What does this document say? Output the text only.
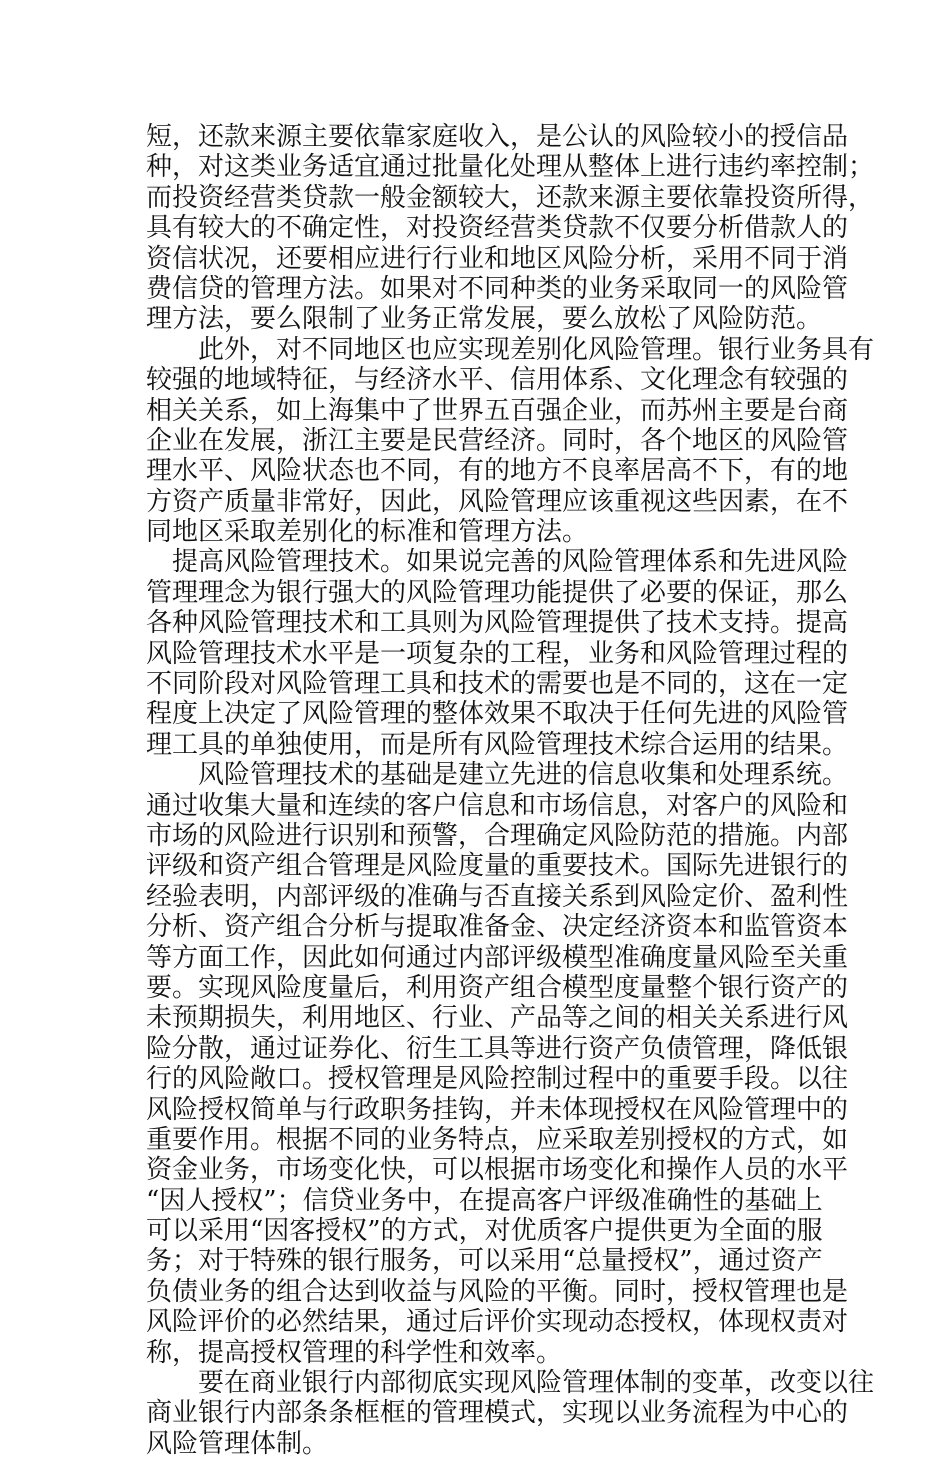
短，还款来源主要依靠家庭收入，是公认的风险较小的授信品
种，对这类业务适宜通过批量化处理从整体上进行违约率控制；
而投资经营类贷款一般金额较大，还款来源主要依靠投资所得，
具有较大的不确定性，对投资经营类贷款不仅要分析借款人的
资信状况，还要相应进行行业和地区风险分析，采用不同于消
费信贷的管理方法。如果对不同种类的业务采取同一的风险管
理方法，要么限制了业务正常发展，要么放松了风险防范。
　　此外，对不同地区也应实现差别化风险管理。银行业务具有
较强的地域特征，与经济水平、信用体系、文化理念有较强的
相关关系，如上海集中了世界五百强企业，而苏州主要是台商
企业在发展，浙江主要是民营经济。同时，各个地区的风险管
理水平、风险状态也不同，有的地方不良率居高不下，有的地
方资产质量非常好，因此，风险管理应该重视这些因素，在不
同地区采取差别化的标准和管理方法。
　提高风险管理技术。如果说完善的风险管理体系和先进风险
管理理念为银行强大的风险管理功能提供了必要的保证，那么
各种风险管理技术和工具则为风险管理提供了技术支持。提高
风险管理技术水平是一项复杂的工程，业务和风险管理过程的
不同阶段对风险管理工具和技术的需要也是不同的，这在一定
程度上决定了风险管理的整体效果不取决于任何先进的风险管
理工具的单独使用，而是所有风险管理技术综合运用的结果。
　　风险管理技术的基础是建立先进的信息收集和处理系统。
通过收集大量和连续的客户信息和市场信息，对客户的风险和
市场的风险进行识别和预警，合理确定风险防范的措施。内部
评级和资产组合管理是风险度量的重要技术。国际先进银行的
经验表明，内部评级的准确与否直接关系到风险定价、盈利性
分析、资产组合分析与提取准备金、决定经济资本和监管资本
等方面工作，因此如何通过内部评级模型准确度量风险至关重
要。实现风险度量后，利用资产组合模型度量整个银行资产的
未预期损失，利用地区、行业、产品等之间的相关关系进行风
险分散，通过证券化、衍生工具等进行资产负债管理，降低银
行的风险敞口。授权管理是风险控制过程中的重要手段。以往
风险授权简单与行政职务挂钩，并未体现授权在风险管理中的
重要作用。根据不同的业务特点，应采取差别授权的方式，如
资金业务，市场变化快，可以根据市场变化和操作人员的水平
“因人授权”；信贷业务中，在提高客户评级准确性的基础上
可以采用“因客授权”的方式，对优质客户提供更为全面的服
务；对于特殊的银行服务，可以采用“总量授权”，通过资产
负债业务的组合达到收益与风险的平衡。同时，授权管理也是
风险评价的必然结果，通过后评价实现动态授权，体现权责对
称，提高授权管理的科学性和效率。
　　要在商业银行内部彻底实现风险管理体制的变革，改变以往
商业银行内部条条框框的管理模式，实现以业务流程为中心的
风险管理体制。
